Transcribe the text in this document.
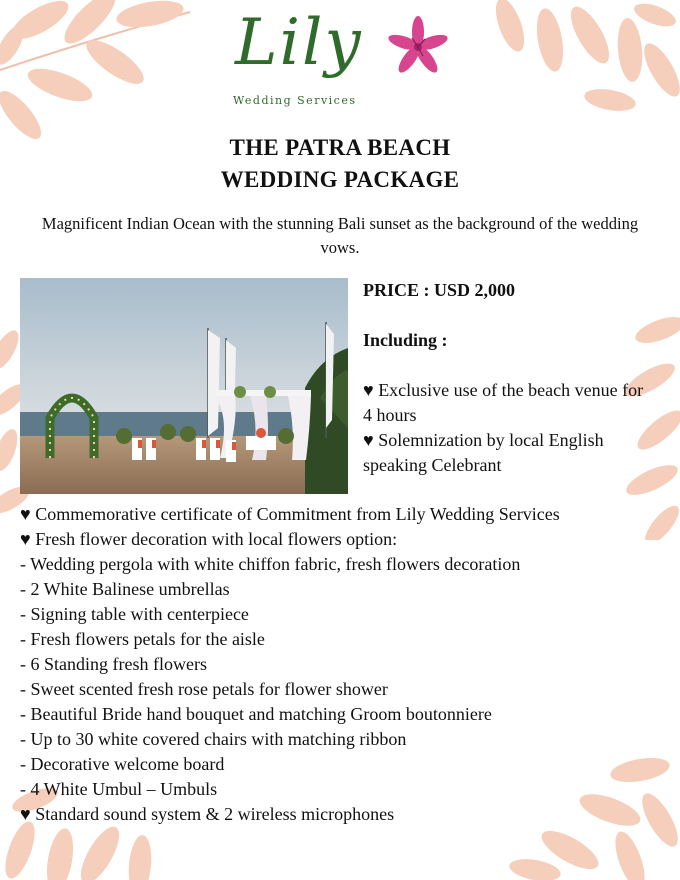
Lily
Wedding Services
THE PATRA BEACH
WEDDING PACKAGE
Magnificent Indian Ocean with the stunning Bali sunset as the background of the wedding vows.
PRICE : USD 2,000
Including :
♥ Exclusive use of the beach venue for
4 hours
♥ Solemnization by local English
speaking Celebrant
♥ Commemorative certificate of Commitment from Lily Wedding Services
♥ Fresh flower decoration with local flowers option:
- Wedding pergola with white chiffon fabric, fresh flowers decoration
- 2 White Balinese umbrellas
- Signing table with centerpiece
- Fresh flowers petals for the aisle
- 6 Standing fresh flowers
- Sweet scented fresh rose petals for flower shower
- Beautiful Bride hand bouquet and matching Groom boutonniere
- Up to 30 white covered chairs with matching ribbon
- Decorative welcome board
- 4 White Umbul – Umbuls
♥ Standard sound system & 2 wireless microphones
